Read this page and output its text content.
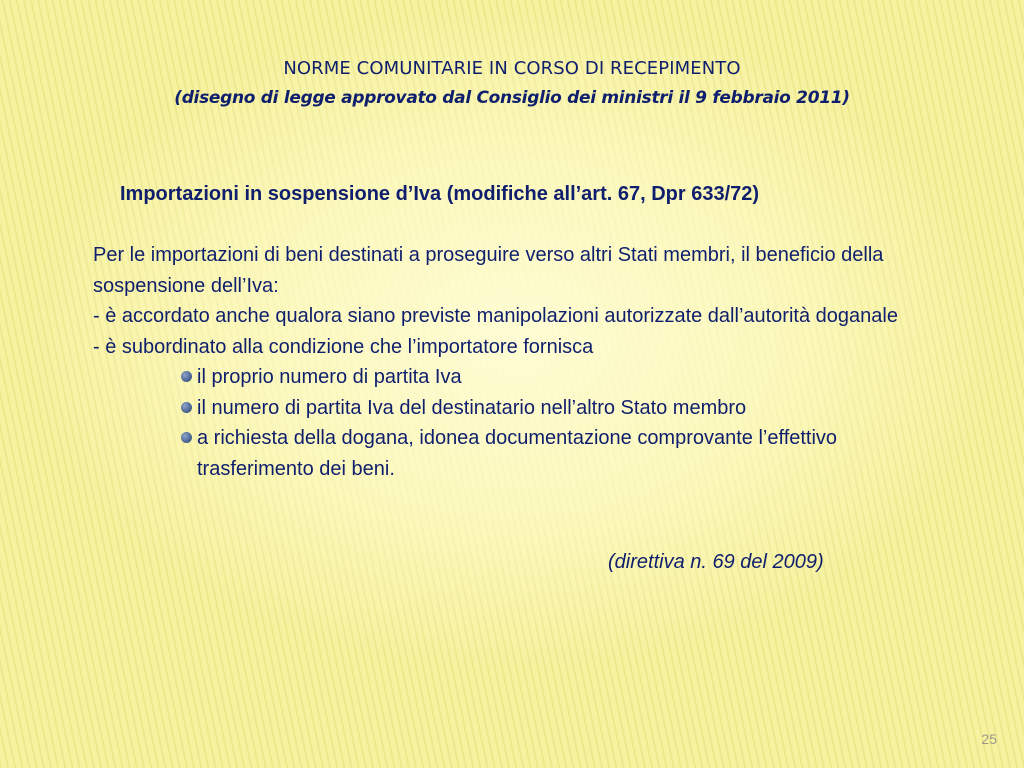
NORME COMUNITARIE IN CORSO DI RECEPIMENTO
(disegno di legge approvato dal Consiglio dei ministri il 9 febbraio 2011)
Importazioni in sospensione d’Iva (modifiche all’art. 67, Dpr 633/72)

Per le importazioni di beni destinati a proseguire verso altri Stati membri, il beneficio della sospensione dell’Iva:

- è accordato anche qualora siano previste manipolazioni autorizzate dall’autorità doganale

- è subordinato alla condizione che l’importatore fornisca

il proprio numero di partita Iva
il numero di partita Iva del destinatario nell’altro Stato membro
a richiesta della dogana, idonea documentazione comprovante l’effettivo trasferimento dei beni.
(direttiva n. 69 del 2009)
25
